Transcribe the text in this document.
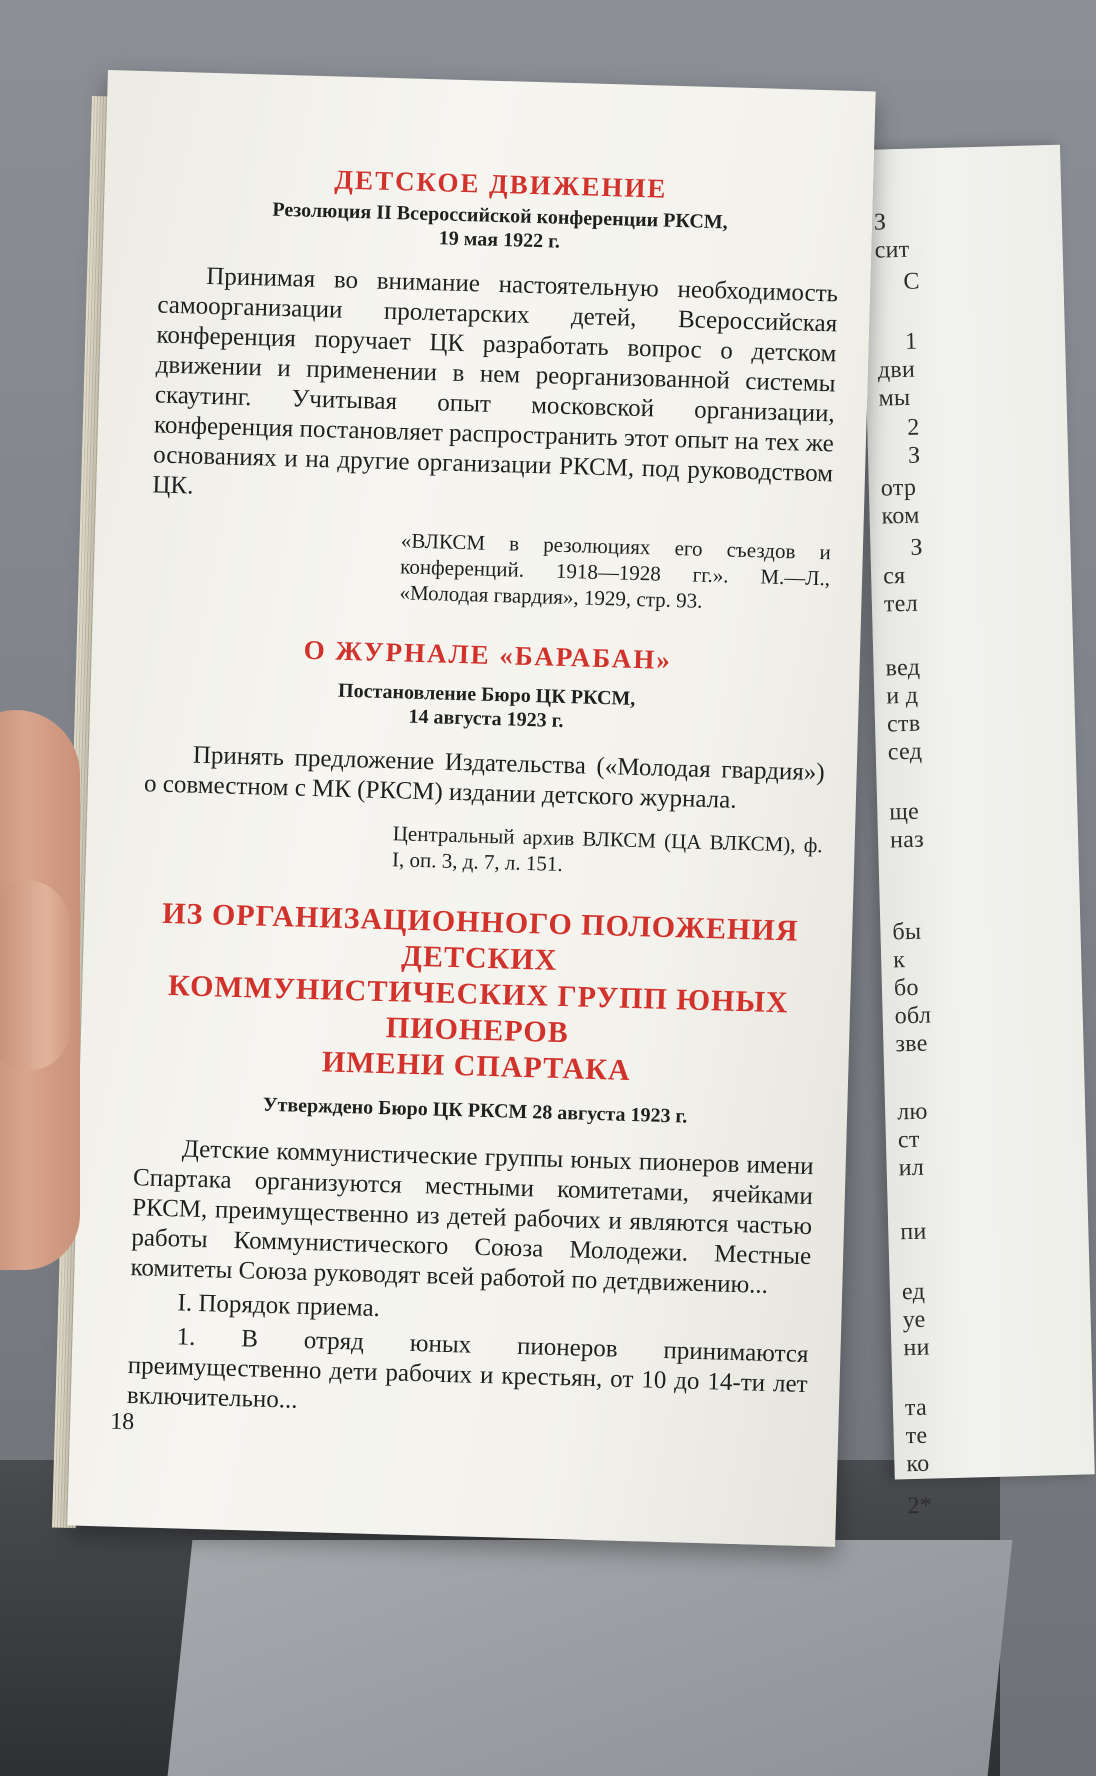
З
сит
С
1
дви
мы
2
З
отр
ком
З
ся
тел
вед
и д
ств
сед
щe
наз
бы
к
бо
обл
зве
лю
ст
ил
пи
ед
уе
ни
та
те
ко
2*
ДЕТСКОЕ ДВИЖЕНИЕ

Резолюция II Всероссийской конференции РКСМ,

19 мая 1922 г.

Принимая во внимание настоятельную необходимость самоорганизации пролетарских детей, Всероссийская конференция поручает ЦК разработать вопрос о детском движении и применении в нем реорганизованной системы скаутинг. Учитывая опыт московской организации, конференция постановляет распространить этот опыт на тех же основаниях и на другие организации РКСМ, под руководством ЦК.

«ВЛКСМ в резолюциях его съездов и конференций. 1918—1928 гг.». М.—Л., «Молодая гвардия», 1929, стр. 93.

О ЖУРНАЛЕ «БАРАБАН»

Постановление Бюро ЦК РКСМ,

14 августа 1923 г.

Принять предложение Издательства («Молодая гвардия») о совместном с МК (РКСМ) издании детского журнала.

Центральный архив ВЛКСМ (ЦА ВЛКСМ), ф. I, оп. 3, д. 7, л. 151.

ИЗ ОРГАНИЗАЦИОННОГО ПОЛОЖЕНИЯ ДЕТСКИХ
КОММУНИСТИЧЕСКИХ ГРУПП ЮНЫХ ПИОНЕРОВ
ИМЕНИ СПАРТАКА

Утверждено Бюро ЦК РКСМ 28 августа 1923 г.

Детские коммунистические группы юных пионеров имени Спартака организуются местными комитетами, ячейками РКСМ, преимущественно из детей рабочих и являются частью работы Коммунистического Союза Молодежи. Местные комитеты Союза руководят всей работой по детдвижению...

I. Порядок приема.

1. В отряд юных пионеров принимаются преимущественно дети рабочих и крестьян, от 10 до 14-ти лет включительно...

18
